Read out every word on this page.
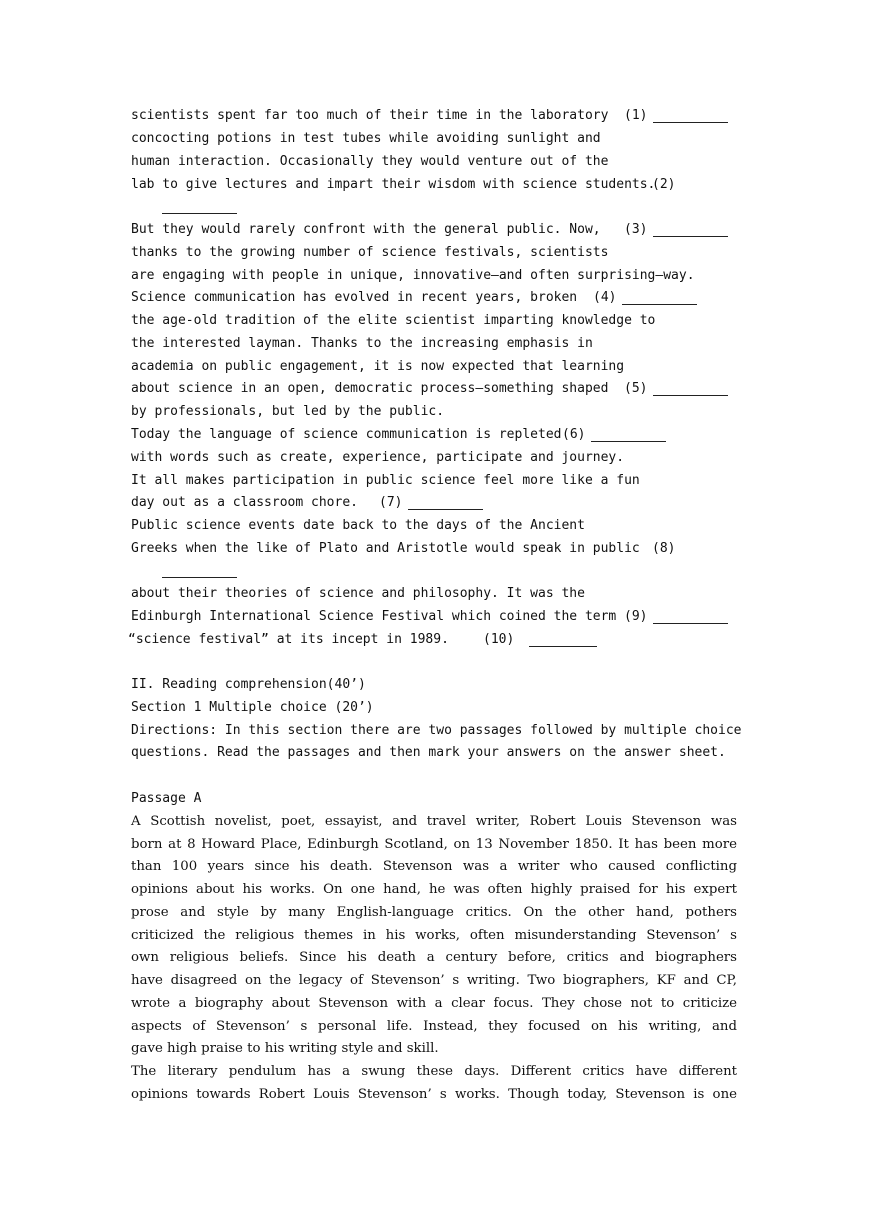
scientists spent far too much of their time in the laboratory
concocting potions in test tubes while avoiding sunlight and
human interaction. Occasionally they would venture out of the
lab to give lectures and impart their wisdom with science students.
But they would rarely confront with the general public. Now,
thanks to the growing number of science festivals, scientists
are engaging with people in unique, innovative—and often surprising—way.
Science communication has evolved in recent years, broken
the age-old tradition of the elite scientist imparting knowledge to
the interested layman. Thanks to the increasing emphasis in
academia on public engagement, it is now expected that learning
about science in an open, democratic process—something shaped
by professionals, but led by the public.
Today the language of science communication is repleted
with words such as create, experience, participate and journey.
It all makes participation in public science feel more like a fun
day out as a classroom chore.
Public science events date back to the days of the Ancient
Greeks when the like of Plato and Aristotle would speak in public
about their theories of science and philosophy. It was the
Edinburgh International Science Festival which coined the term
“science festival” at its incept in 1989.
(1)
(2)
(3)
(4)
(5)
(6)
(7)
(8)
(9)
(10)
II. Reading comprehension(40’)
Section 1 Multiple choice (20’)
Directions: In this section there are two passages followed by multiple choice
questions. Read the passages and then mark your answers on the answer sheet.
Passage A
A Scottish novelist, poet, essayist, and travel writer, Robert Louis Stevenson was
born at 8 Howard Place, Edinburgh Scotland, on 13 November 1850. It has been more
than 100 years since his death. Stevenson was a writer who caused conflicting
opinions about his works. On one hand, he was often highly praised for his expert
prose and style by many English-language critics. On the other hand, pothers
criticized the religious themes in his works, often misunderstanding Stevenson’ s
own religious beliefs. Since his death a century before, critics and biographers
have disagreed on the legacy of Stevenson’ s writing. Two biographers, KF and CP,
wrote a biography about Stevenson with a clear focus. They chose not to criticize
aspects of Stevenson’ s personal life. Instead, they focused on his writing, and
gave high praise to his writing style and skill.
The literary pendulum has a swung these days. Different critics have different
opinions towards Robert Louis Stevenson’ s works. Though today, Stevenson is one
